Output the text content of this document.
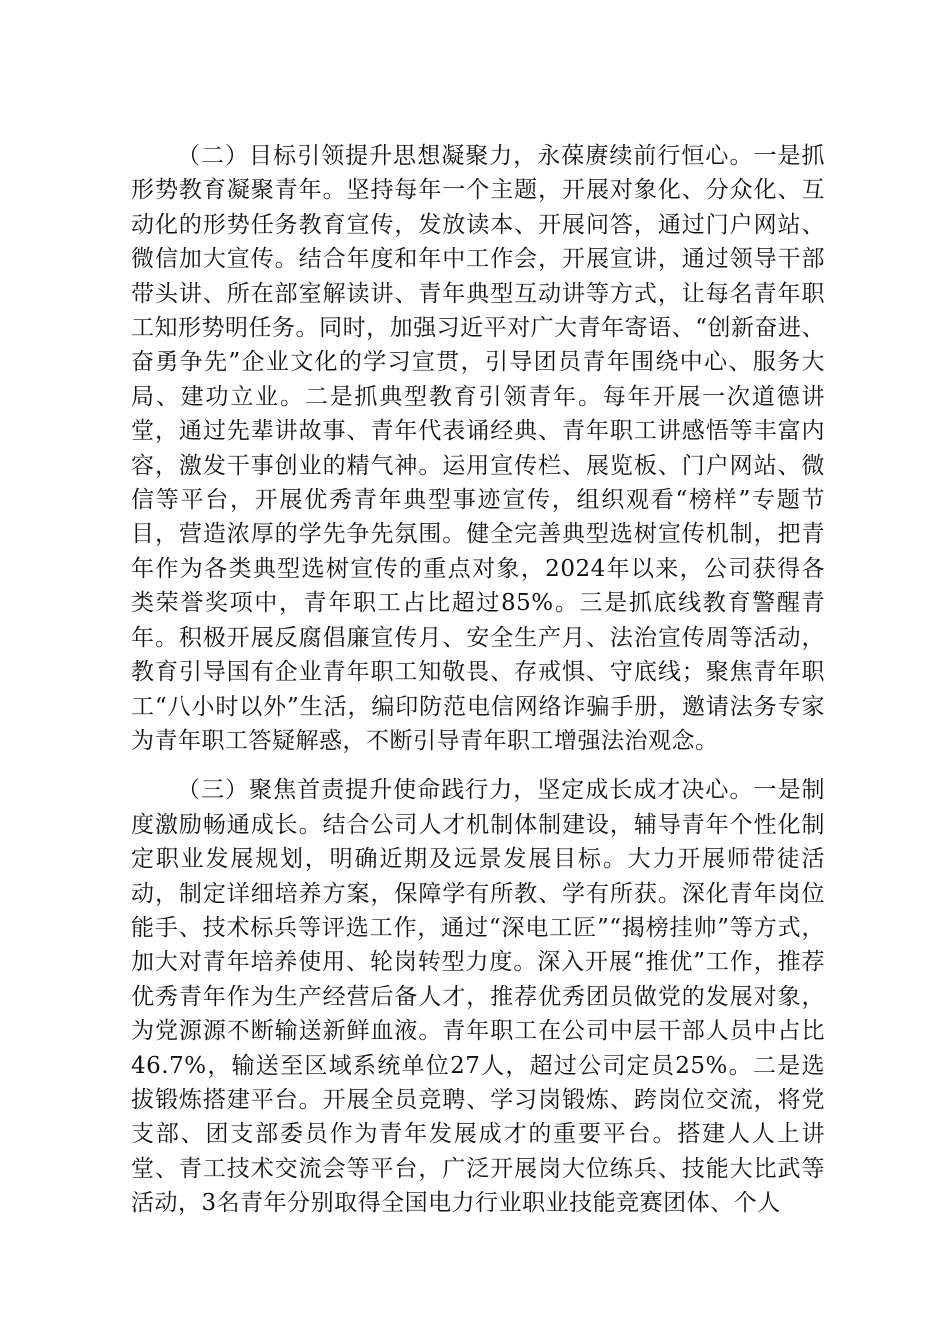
（二）目标引领提升思想凝聚力，永葆赓续前行恒心。一是抓形势教育凝聚青年。坚持每年一个主题，开展对象化、分众化、互动化的形势任务教育宣传，发放读本、开展问答，通过门户网站、微信加大宣传。结合年度和年中工作会，开展宣讲，通过领导干部带头讲、所在部室解读讲、青年典型互动讲等方式，让每名青年职工知形势明任务。同时，加强习近平对广大青年寄语、“创新奋进、奋勇争先”企业文化的学习宣贯，引导团员青年围绕中心、服务大局、建功立业。二是抓典型教育引领青年。每年开展一次道德讲堂，通过先辈讲故事、青年代表诵经典、青年职工讲感悟等丰富内容，激发干事创业的精气神。运用宣传栏、展览板、门户网站、微信等平台，开展优秀青年典型事迹宣传，组织观看“榜样”专题节目，营造浓厚的学先争先氛围。健全完善典型选树宣传机制，把青年作为各类典型选树宣传的重点对象，2024年以来，公司获得各类荣誉奖项中，青年职工占比超过85%。三是抓底线教育警醒青年。积极开展反腐倡廉宣传月、安全生产月、法治宣传周等活动，教育引导国有企业青年职工知敬畏、存戒惧、守底线；聚焦青年职工“八小时以外”生活，编印防范电信网络诈骗手册，邀请法务专家为青年职工答疑解惑，不断引导青年职工增强法治观念。

（三）聚焦首责提升使命践行力，坚定成长成才决心。一是制度激励畅通成长。结合公司人才机制体制建设，辅导青年个性化制定职业发展规划，明确近期及远景发展目标。大力开展师带徒活动，制定详细培养方案，保障学有所教、学有所获。深化青年岗位能手、技术标兵等评选工作，通过“深电工匠”“揭榜挂帅”等方式，加大对青年培养使用、轮岗转型力度。深入开展“推优”工作，推荐优秀青年作为生产经营后备人才，推荐优秀团员做党的发展对象，为党源源不断输送新鲜血液。青年职工在公司中层干部人员中占比46.7%，输送至区域系统单位27人，超过公司定员25%。二是选拔锻炼搭建平台。开展全员竞聘、学习岗锻炼、跨岗位交流，将党支部、团支部委员作为青年发展成才的重要平台。搭建人人上讲堂、青工技术交流会等平台，广泛开展岗大位练兵、技能大比武等活动，3名青年分别取得全国电力行业职业技能竞赛团体、个人
